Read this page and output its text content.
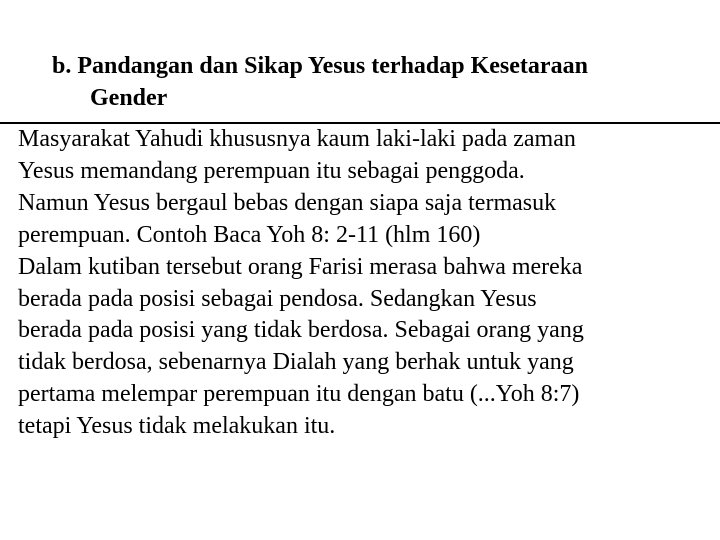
b. Pandangan dan Sikap Yesus terhadap Kesetaraan
Gender
Masyarakat Yahudi khususnya kaum laki-laki pada zaman
Yesus memandang perempuan itu sebagai penggoda.
Namun Yesus bergaul bebas dengan siapa saja termasuk
perempuan. Contoh Baca Yoh 8: 2-11 (hlm 160)
Dalam kutiban tersebut orang Farisi merasa bahwa mereka
berada pada posisi sebagai pendosa. Sedangkan Yesus
berada pada posisi yang tidak berdosa. Sebagai orang yang
tidak berdosa, sebenarnya Dialah yang berhak untuk yang
pertama melempar perempuan itu dengan batu (...Yoh 8:7)
tetapi Yesus tidak melakukan itu.
